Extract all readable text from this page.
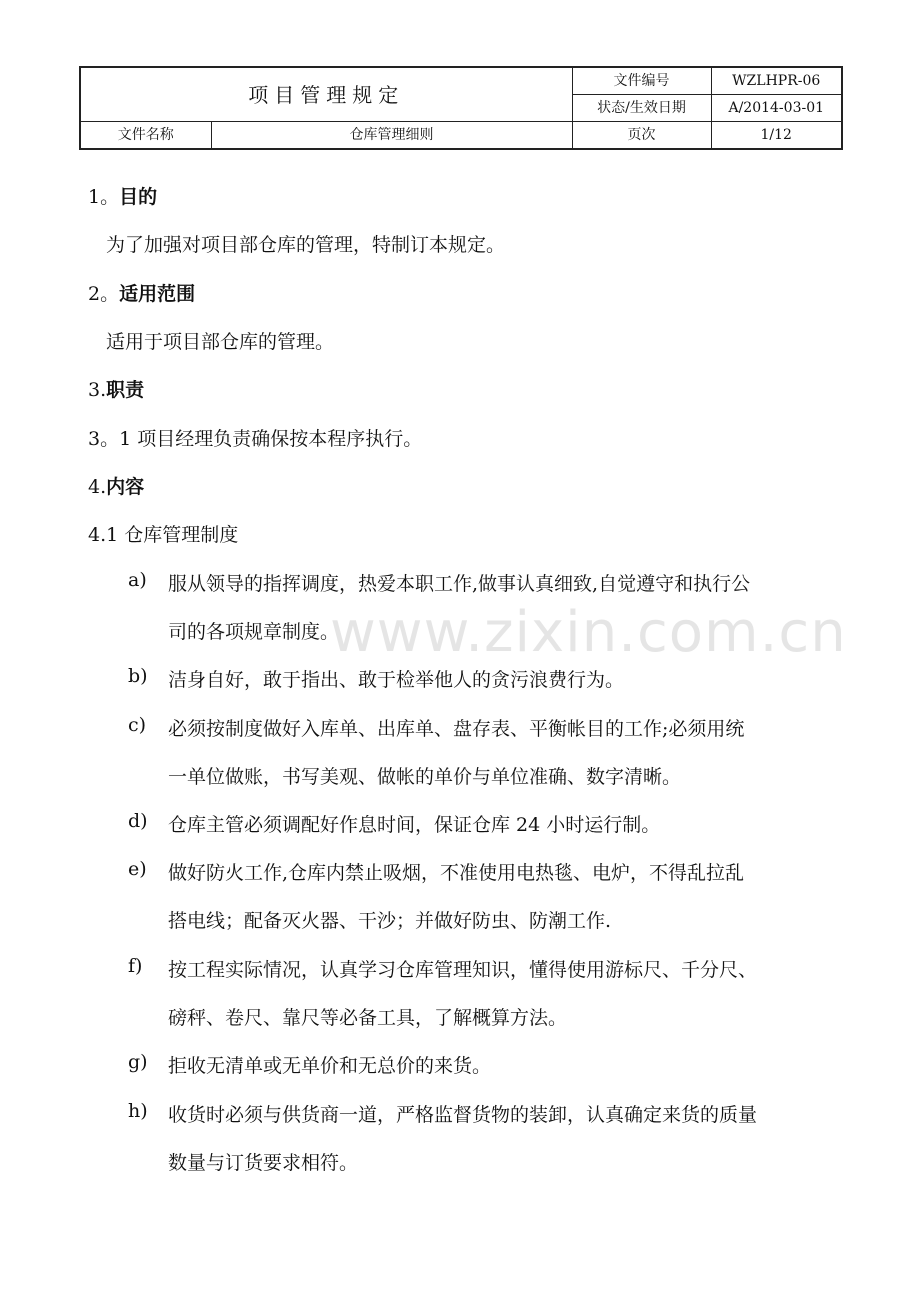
项目管理规定		文件编号	WZLHPR-06
		状态/生效日期	A/2014-03-01
文件名称	仓库管理细则	页次	1/12
www.zixin.com.cn
1。目的
为了加强对项目部仓库的管理，特制订本规定。
2。适用范围
适用于项目部仓库的管理。
3.职责
3。1 项目经理负责确保按本程序执行。
4.内容
4.1 仓库管理制度
a) 服从领导的指挥调度，热爱本职工作,做事认真细致,自觉遵守和执行公
司的各项规章制度。
b) 洁身自好，敢于指出、敢于检举他人的贪污浪费行为。
c) 必须按制度做好入库单、出库单、盘存表、平衡帐目的工作;必须用统
一单位做账，书写美观、做帐的单价与单位准确、数字清晰。
d) 仓库主管必须调配好作息时间，保证仓库 24 小时运行制。
e) 做好防火工作,仓库内禁止吸烟，不准使用电热毯、电炉，不得乱拉乱
搭电线；配备灭火器、干沙；并做好防虫、防潮工作.
f) 按工程实际情况，认真学习仓库管理知识，懂得使用游标尺、千分尺、
磅秤、卷尺、靠尺等必备工具，了解概算方法。
g) 拒收无清单或无单价和无总价的来货。
h) 收货时必须与供货商一道，严格监督货物的装卸，认真确定来货的质量
数量与订货要求相符。
